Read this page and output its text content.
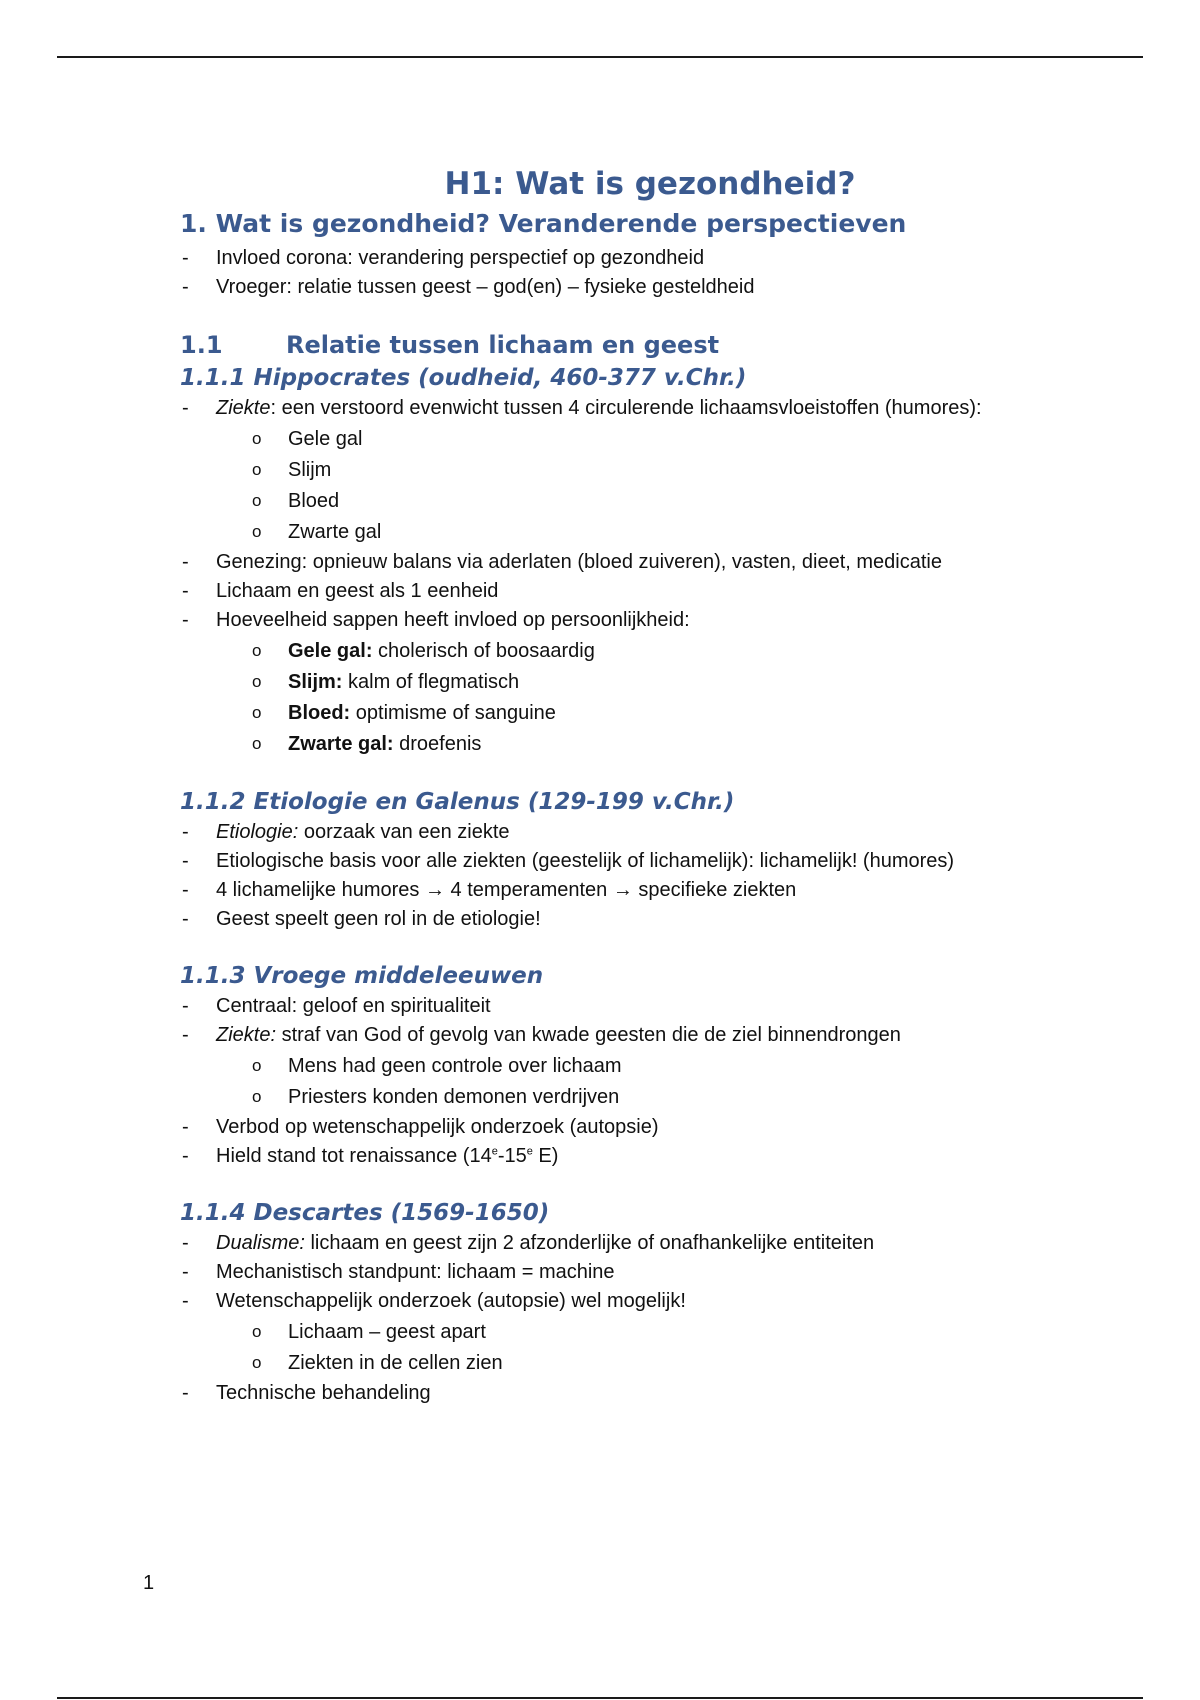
H1: Wat is gezondheid?
1. Wat is gezondheid? Veranderende perspectieven
- Invloed corona: verandering perspectief op gezondheid
- Vroeger: relatie tussen geest – god(en) – fysieke gesteldheid
1.1	Relatie tussen lichaam en geest
1.1.1 Hippocrates (oudheid, 460-377 v.Chr.)
- Ziekte: een verstoord evenwicht tussen 4 circulerende lichaamsvloeistoffen (humores):
o Gele gal
o Slijm
o Bloed
o Zwarte gal
- Genezing: opnieuw balans via aderlaten (bloed zuiveren), vasten, dieet, medicatie
- Lichaam en geest als 1 eenheid
- Hoeveelheid sappen heeft invloed op persoonlijkheid:
o Gele gal: cholerisch of boosaardig
o Slijm: kalm of flegmatisch
o Bloed: optimisme of sanguine
o Zwarte gal: droefenis
1.1.2 Etiologie en Galenus (129-199 v.Chr.)
- Etiologie: oorzaak van een ziekte
- Etiologische basis voor alle ziekten (geestelijk of lichamelijk): lichamelijk! (humores)
- 4 lichamelijke humores → 4 temperamenten → specifieke ziekten
- Geest speelt geen rol in de etiologie!
1.1.3 Vroege middeleeuwen
- Centraal: geloof en spiritualiteit
- Ziekte: straf van God of gevolg van kwade geesten die de ziel binnendrongen
o Mens had geen controle over lichaam
o Priesters konden demonen verdrijven
- Verbod op wetenschappelijk onderzoek (autopsie)
- Hield stand tot renaissance (14e-15e E)
1.1.4 Descartes (1569-1650)
- Dualisme: lichaam en geest zijn 2 afzonderlijke of onafhankelijke entiteiten
- Mechanistisch standpunt: lichaam = machine
- Wetenschappelijk onderzoek (autopsie) wel mogelijk!
o Lichaam – geest apart
o Ziekten in de cellen zien
- Technische behandeling
1
